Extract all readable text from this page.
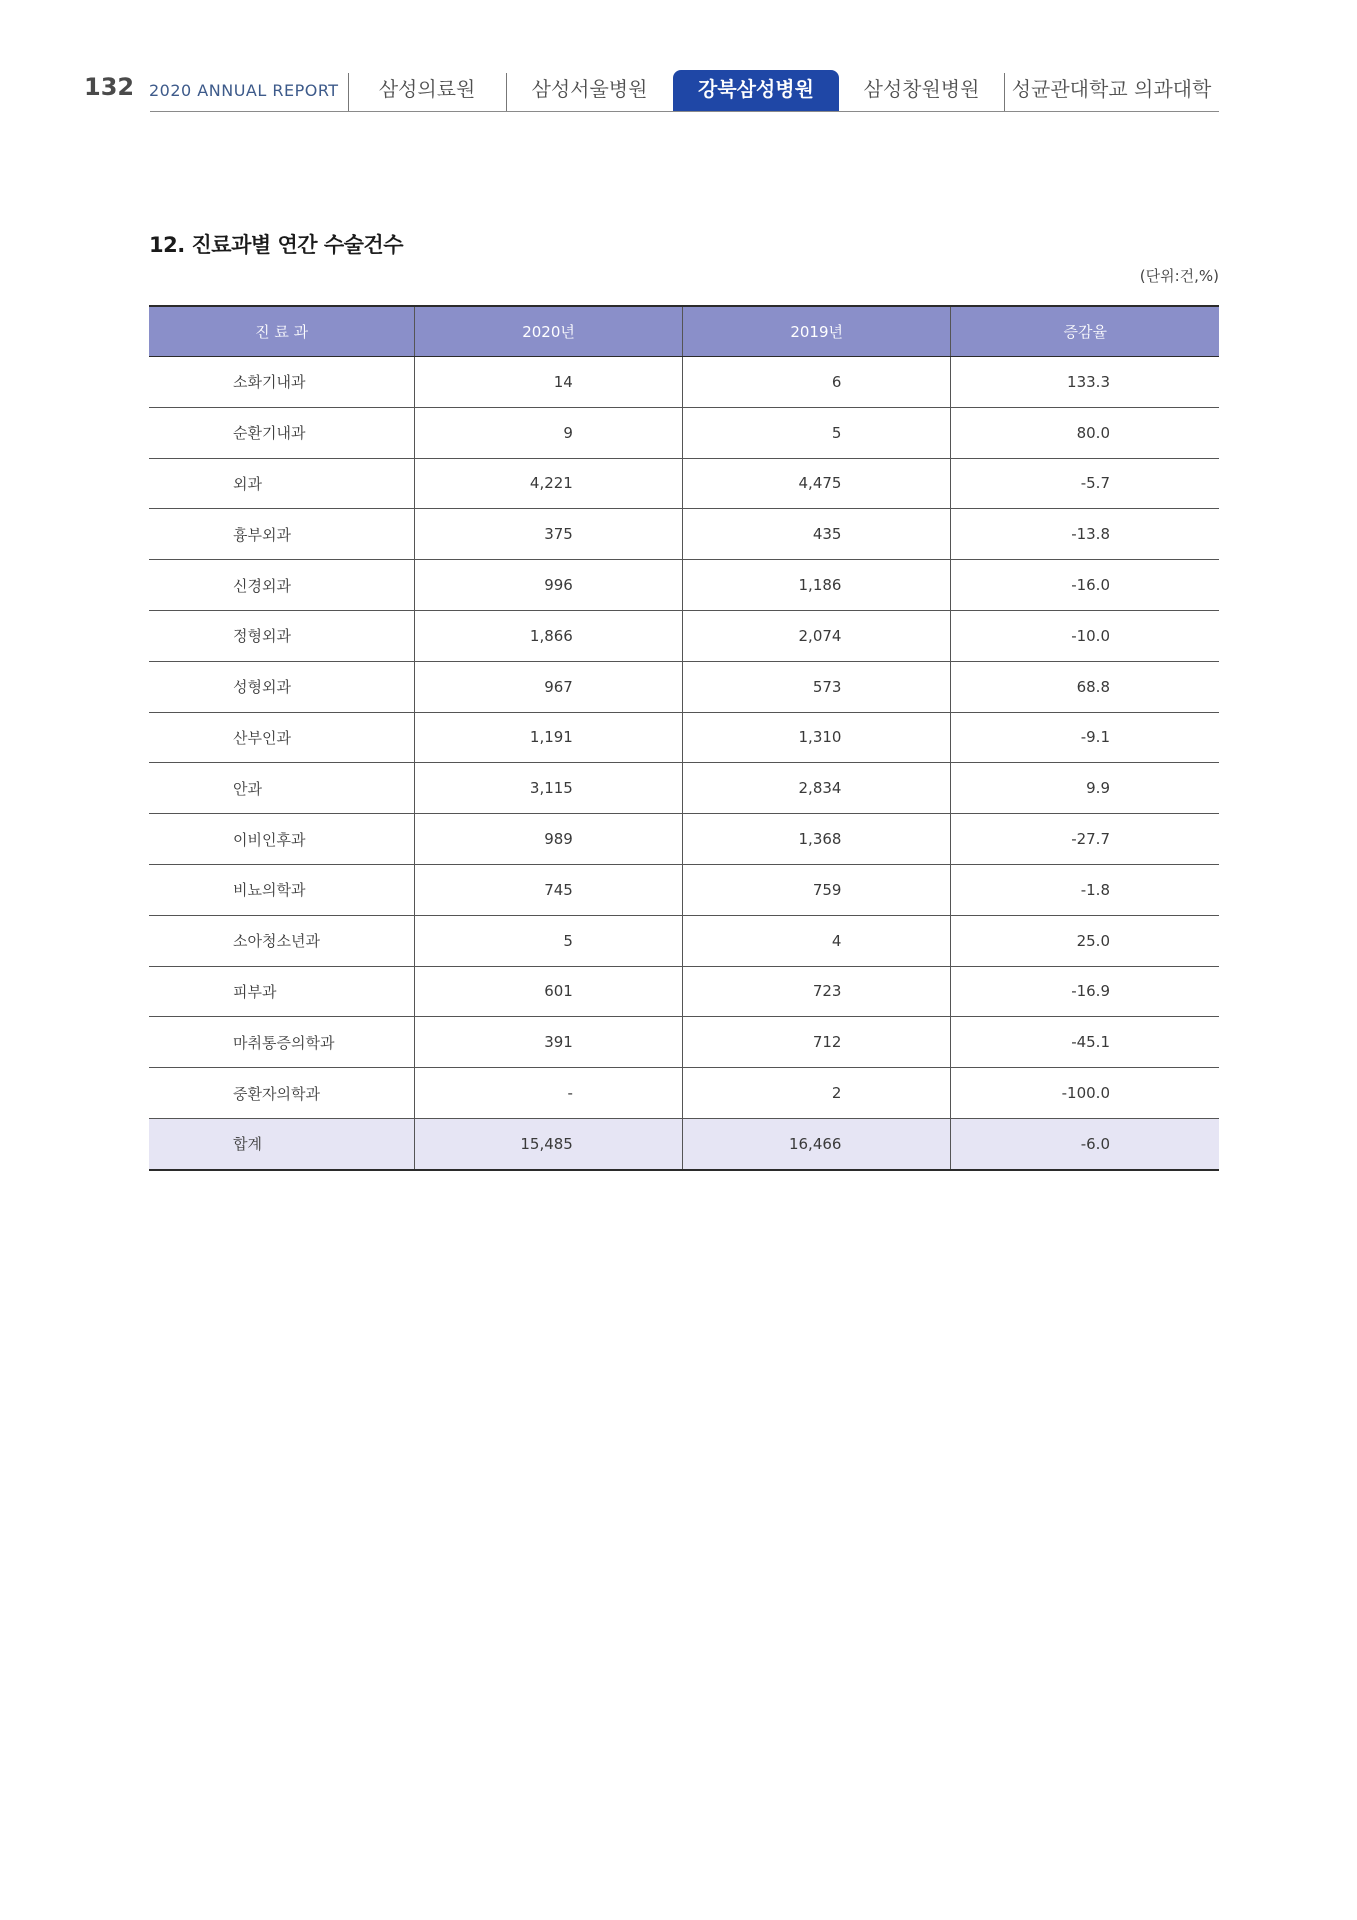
132 2020 ANNUAL REPORT	삼성의료원	삼성서울병원	강북삼성병원	삼성창원병원	성균관대학교 의과대학
12. 진료과별 연간 수술건수
(단위:건,%)
진 료 과	2020년	2019년	증감율
소화기내과	14	6	133.3
순환기내과	9	5	80.0
외과	4,221	4,475	-5.7
흉부외과	375	435	-13.8
신경외과	996	1,186	-16.0
정형외과	1,866	2,074	-10.0
성형외과	967	573	68.8
산부인과	1,191	1,310	-9.1
안과	3,115	2,834	9.9
이비인후과	989	1,368	-27.7
비뇨의학과	745	759	-1.8
소아청소년과	5	4	25.0
피부과	601	723	-16.9
마취통증의학과	391	712	-45.1
중환자의학과	-	2	-100.0
합계	15,485	16,466	-6.0
